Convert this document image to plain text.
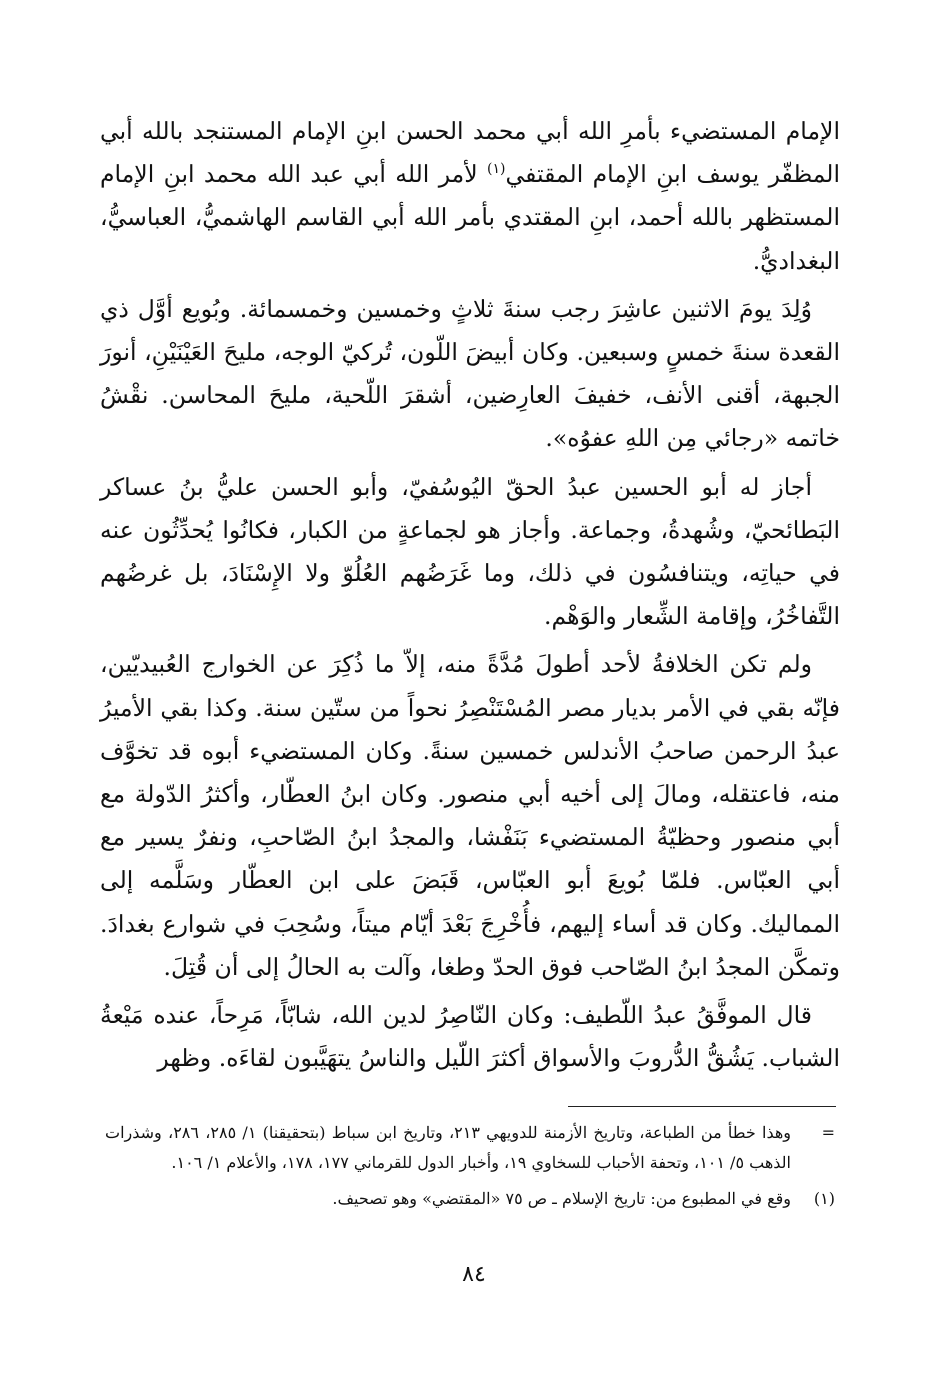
الإمام المستضيء بأمرِ الله أبي محمد الحسن ابنِ الإمام المستنجد بالله أبي المظفّر يوسف ابنِ الإمام المقتفي$^{(١)}$ لأمر الله أبي عبد الله محمد ابنِ الإمام المستظهر بالله أحمد، ابنِ المقتدي بأمر الله أبي القاسم الهاشميُّ، العباسيُّ، البغداديُّ.

وُلِدَ يومَ الاثنين عاشِرَ رجب سنةَ ثلاثٍ وخمسين وخمسمائة. وبُويع أوَّل ذي القعدة سنةَ خمسٍ وسبعين. وكان أبيضَ اللّون، تُركيّ الوجه، مليحَ العَيْنَيْنِ، أنورَ الجبهة، أقنى الأنف، خفيفَ العارِضين، أشقرَ اللّحية، مليحَ المحاسن. نقْشُ خاتمه «رجائي مِن اللهِ عفوُه».

أجاز له أبو الحسين عبدُ الحقّ اليُوسُفيّ، وأبو الحسن عليُّ بنُ عساكر البَطائحيّ، وشُهدةُ، وجماعة. وأجاز هو لجماعةٍ من الكبار، فكانُوا يُحدِّثُون عنه في حياتِه، ويتنافسُون في ذلك، وما غَرَضُهم العُلُوّ ولا الإِسْنَادَ، بل غرضُهم التَّفاخُرُ، وإقامة الشِّعار والوَهْم.

ولم تكن الخلافةُ لأحد أطولَ مُدَّةً منه، إلاّ ما ذُكِرَ عن الخوارج العُبيديّين، فإنّه بقي في الأمر بديار مصر المُسْتَنْصِرُ نحواً من ستّين سنة. وكذا بقي الأميرُ عبدُ الرحمن صاحبُ الأندلس خمسين سنةً. وكان المستضيء أبوه قد تخوَّف منه، فاعتقله، ومالَ إلى أخيه أبي منصور. وكان ابنُ العطّار، وأكثرُ الدّولة مع أبي منصور وحظيّةُ المستضيء بَنَفْشا، والمجدُ ابنُ الصّاحبِ، ونفرٌ يسير مع أبي العبّاس. فلمّا بُويعَ أبو العبّاس، قَبَضَ على ابن العطّار وسَلَّمه إلى المماليك. وكان قد أساء إليهم، فأُخْرِجَ بَعْدَ أيّام ميتاً، وسُحِبَ في شوارع بغدادَ. وتمكَّن المجدُ ابنُ الصّاحب فوق الحدّ وطغا، وآلت به الحالُ إلى أن قُتِلَ.

قال الموفَّقُ عبدُ اللّطيف: وكان النّاصِرُ لدين الله، شابّاً، مَرِحاً، عنده مَيْعةُ الشباب. يَشُقُّ الدُّروبَ والأسواق أكثرَ اللّيل والناسُ يتهَيَّبون لقاءَه. وظهر

=
وهذا خطأ من الطباعة، وتاريخ الأزمنة للدويهي ٢١٣، وتاريخ ابن سباط (بتحقيقنا) ١/ ٢٨٥، ٢٨٦، وشذرات الذهب ٥/ ١٠١، وتحفة الأحباب للسخاوي ١٩، وأخبار الدول للقرماني ١٧٧، ١٧٨، والأعلام ١/ ١٠٦.
(١)
وقع في المطبوع من: تاريخ الإسلام ـ ص ٧٥ «المقتضي» وهو تصحيف.
٨٤
